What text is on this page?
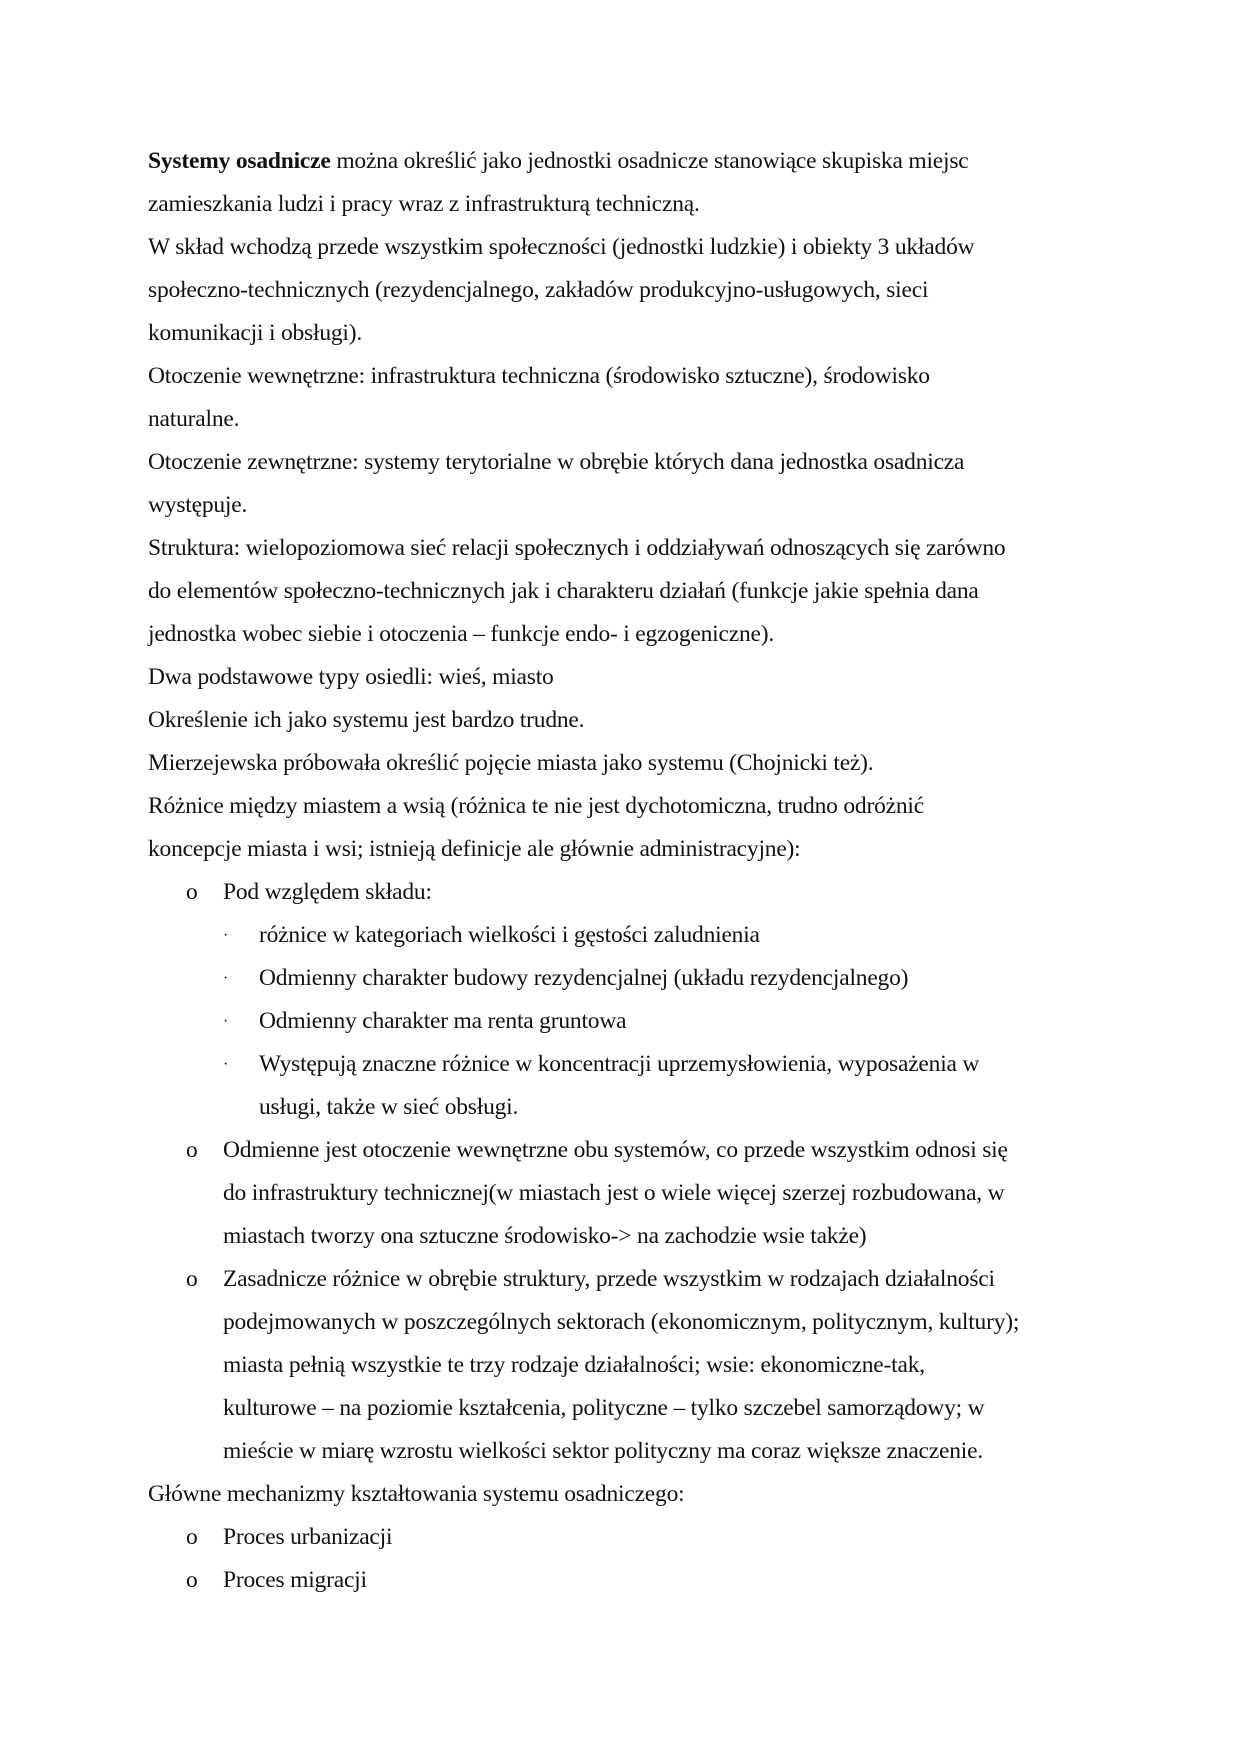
Systemy osadnicze można określić jako jednostki osadnicze stanowiące skupiska miejsc
zamieszkania ludzi i pracy wraz z infrastrukturą techniczną.
W skład wchodzą przede wszystkim społeczności (jednostki ludzkie) i obiekty 3 układów
społeczno-technicznych (rezydencjalnego, zakładów produkcyjno-usługowych, sieci
komunikacji i obsługi).
Otoczenie wewnętrzne: infrastruktura techniczna (środowisko sztuczne), środowisko
naturalne.
Otoczenie zewnętrzne: systemy terytorialne w obrębie których dana jednostka osadnicza
występuje.
Struktura: wielopoziomowa sieć relacji społecznych i oddziaływań odnoszących się zarówno
do elementów społeczno-technicznych jak i charakteru działań (funkcje jakie spełnia dana
jednostka wobec siebie i otoczenia – funkcje endo- i egzogeniczne).
Dwa podstawowe typy osiedli: wieś, miasto
Określenie ich jako systemu jest bardzo trudne.
Mierzejewska próbowała określić pojęcie miasta jako systemu (Chojnicki też).
Różnice między miastem a wsią (różnica te nie jest dychotomiczna, trudno odróżnić
koncepcje miasta i wsi; istnieją definicje ale głównie administracyjne):
o Pod względem składu:
· różnice w kategoriach wielkości i gęstości zaludnienia
· Odmienny charakter budowy rezydencjalnej (układu rezydencjalnego)
· Odmienny charakter ma renta gruntowa
· Występują znaczne różnice w koncentracji uprzemysłowienia, wyposażenia w
usługi, także w sieć obsługi.
o Odmienne jest otoczenie wewnętrzne obu systemów, co przede wszystkim odnosi się
do infrastruktury technicznej(w miastach jest o wiele więcej szerzej rozbudowana, w
miastach tworzy ona sztuczne środowisko-> na zachodzie wsie także)
o Zasadnicze różnice w obrębie struktury, przede wszystkim w rodzajach działalności
podejmowanych w poszczególnych sektorach (ekonomicznym, politycznym, kultury);
miasta pełnią wszystkie te trzy rodzaje działalności; wsie: ekonomiczne-tak,
kulturowe – na poziomie kształcenia, polityczne – tylko szczebel samorządowy; w
mieście w miarę wzrostu wielkości sektor polityczny ma coraz większe znaczenie.
Główne mechanizmy kształtowania systemu osadniczego:
o Proces urbanizacji
o Proces migracji
